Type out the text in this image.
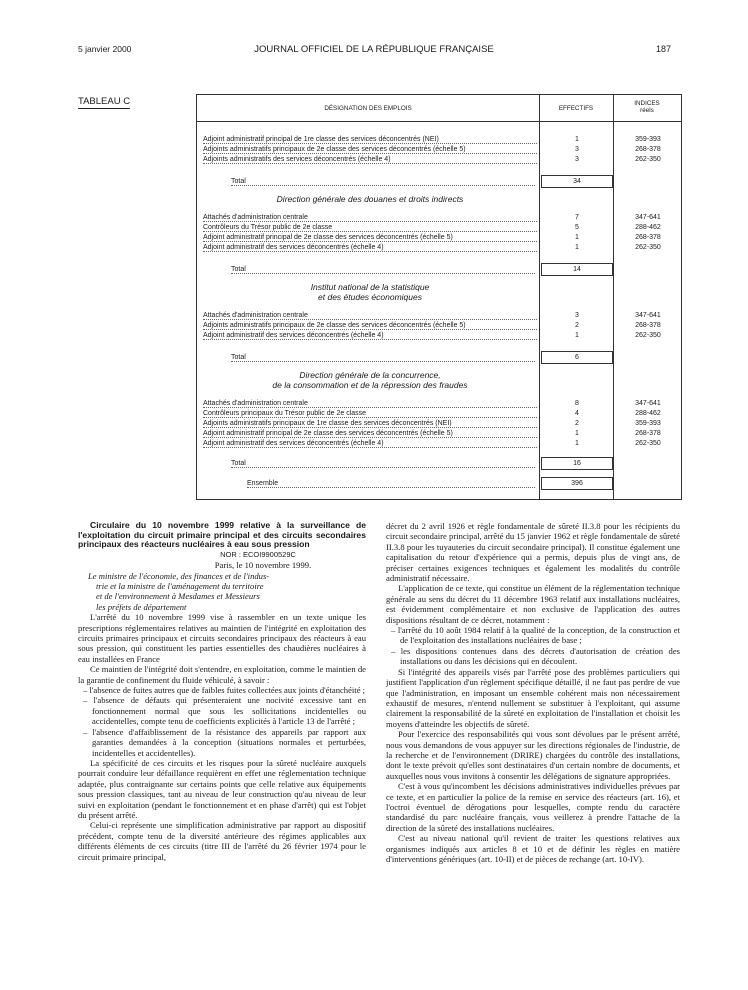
5 janvier 2000	JOURNAL OFFICIEL DE LA RÉPUBLIQUE FRANÇAISE	187
TABLEAU C
DÉSIGNATION DES EMPLOIS	EFFECTIFS
INDICES
réels
Adjoint administratif principal de 1re classe des services déconcentrés (NEI)	1	359-393
Adjoints administratifs principaux de 2e classe des services déconcentrés (échelle 5)	3	268-378
Adjoints administratifs des services déconcentrés (échelle 4)	3	262-350
Total	34
Direction générale des douanes et droits indirects
Attachés d'administration centrale	7	347-641
Contrôleurs du Trésor public de 2e classe	5	288-462
Adjoint administratif principal de 2e classe des services déconcentrés (échelle 5)	1	268-378
Adjoint administratif des services déconcentrés (échelle 4)	1	262-350
Total	14
Institut national de la statistique
et des études économiques
Attachés d'administration centrale	3	347-641
Adjoints administratifs principaux de 2e classe des services déconcentrés (échelle 5)	2	268-378
Adjoint administratif des services déconcentrés (échelle 4)	1	262-350
Total	6
Direction générale de la concurrence,
de la consommation et de la répression des fraudes
Attachés d'administration centrale	8	347-641
Contrôleurs principaux du Trésor public de 2e classe	4	288-462
Adjoints administratifs principaux de 1re classe des services déconcentrés (NEI)	2	359-393
Adjoint administratif principal de 2e classe des services déconcentrés (échelle 5)	1	268-378
Adjoint administratif des services déconcentrés (échelle 4)	1	262-350
Total	16
Ensemble	396

Circulaire du 10 novembre 1999 relative à la surveillance de l'exploitation du circuit primaire principal et des circuits secondaires principaux des réacteurs nucléaires à eau sous pression

NOR : ECOI9900529C

Paris, le 10 novembre 1999.

Le ministre de l'économie, des finances et de l'indus-
trie et la ministre de l'aménagement du territoire
et de l'environnement à Mesdames et Messieurs
les préfets de département

L'arrêté du 10 novembre 1999 vise à rassembler en un texte unique les prescriptions réglementaires relatives au maintien de l'intégrité en exploitation des circuits primaires principaux et circuits secondaires principaux des réacteurs à eau sous pression, qui constituent les parties essentielles des chaudières nucléaires à eau installées en France

Ce maintien de l'intégrité doit s'entendre, en exploitation, comme le maintien de la garantie de confinement du fluide véhiculé, à savoir :

– l'absence de fuites autres que de faibles fuites collectées aux joints d'étanchéité ;

– l'absence de défauts qui présenteraient une nocivité excessive tant en fonctionnement normal que sous les sollicitations incidentelles ou accidentelles, compte tenu de coefficients explicités à l'article 13 de l'arrêté ;

– l'absence d'affaiblissement de la résistance des appareils par rapport aux garanties demandées à la conception (situations normales et perturbées, incidentelles et accidentelles).

La spécificité de ces circuits et les risques pour la sûreté nucléaire auxquels pourrait conduire leur défaillance requièrent en effet une réglementation technique adaptée, plus contraignante sur certains points que celle relative aux équipements sous pression classiques, tant au niveau de leur construction qu'au niveau de leur suivi en exploitation (pendant le fonctionnement et en phase d'arrêt) qui est l'objet du présent arrêté.

Celui-ci représente une simplification administrative par rapport au dispositif précédent, compte tenu de la diversité antérieure des régimes applicables aux différents éléments de ces circuits (titre III de l'arrêté du 26 février 1974 pour le circuit primaire principal,

décret du 2 avril 1926 et règle fondamentale de sûreté II.3.8 pour les récipients du circuit secondaire principal, arrêté du 15 janvier 1962 et règle fondamentale de sûreté II.3.8 pour les tuyauteries du circuit secondaire principal). Il constitue également une capitalisation du retour d'expérience qui a permis, depuis plus de vingt ans, de préciser certaines exigences techniques et également les modalités du contrôle administratif nécessaire.

L'application de ce texte, qui constitue un élément de la réglementation technique générale au sens du décret du 11 décembre 1963 relatif aux installations nucléaires, est évidemment complémentaire et non exclusive de l'application des autres dispositions résultant de ce décret, notamment :

– l'arrêté du 10 août 1984 relatif à la qualité de la conception, de la construction et de l'exploitation des installations nucléaires de base ;

– les dispositions contenues dans des décrets d'autorisation de création des installations ou dans les décisions qui en découlent.

Si l'intégrité des appareils visés par l'arrêté pose des problèmes particuliers qui justifient l'application d'un règlement spécifique détaillé, il ne faut pas perdre de vue que l'administration, en imposant un ensemble cohérent mais non nécessairement exhaustif de mesures, n'entend nullement se substituer à l'exploitant, qui assume clairement la responsabilité de la sûreté en exploitation de l'installation et choisit les moyens d'atteindre les objectifs de sûreté.

Pour l'exercice des responsabilités qui vous sont dévolues par le présent arrêté, nous vous demandons de vous appuyer sur les directions régionales de l'industrie, de la recherche et de l'environnement (DRIRE) chargées du contrôle des installations, dont le texte prévoit qu'elles sont destinataires d'un certain nombre de documents, et auxquelles nous vous invitons à consentir les délégations de signature appropriées.

C'est à vous qu'incombent les décisions administratives individuelles prévues par ce texte, et en particulier la police de la remise en service des réacteurs (art. 16), et l'octroi éventuel de dérogations pour lesquelles, compte rendu du caractère standardisé du parc nucléaire français, vous veillerez à prendre l'attache de la direction de la sûreté des installations nucléaires.

C'est au niveau national qu'il revient de traiter les questions relatives aux organismes indiqués aux articles 8 et 10 et de définir les règles en matière d'interventions génériques (art. 10-II) et de pièces de rechange (art. 10-IV).
